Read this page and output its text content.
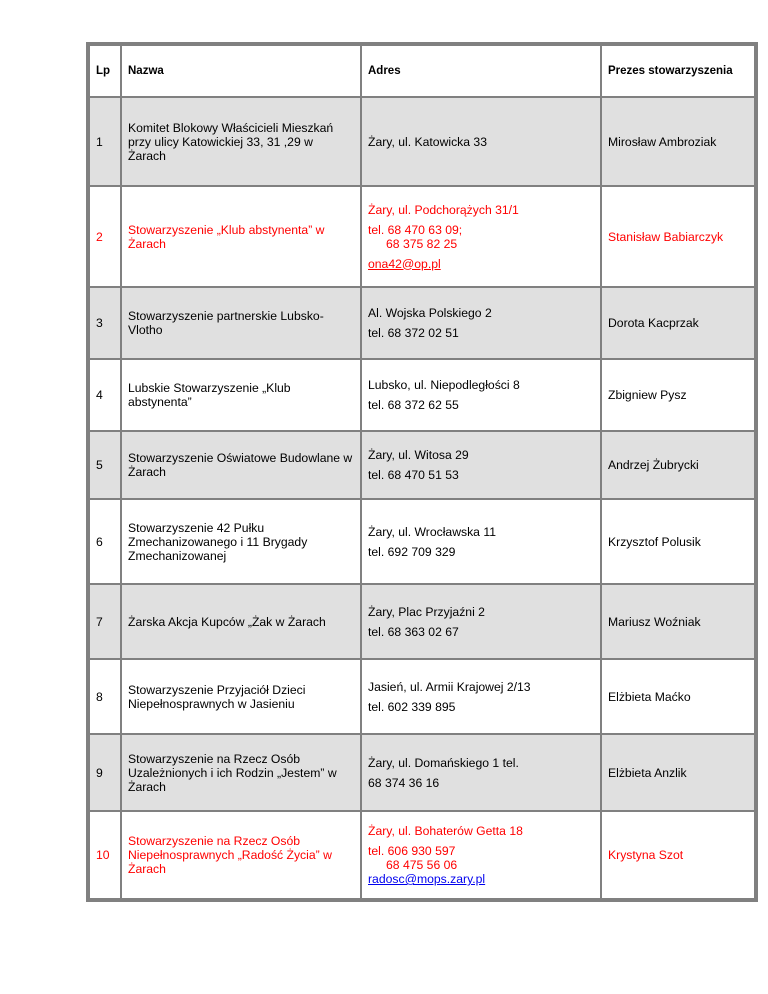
Lp	Nazwa	Adres	Prezes stowarzyszenia
1	Komitet Blokowy Właścicieli Mieszkań przy ulicy Katowickiej 33, 31 ,29 w Żarach	Żary, ul. Katowicka 33	Mirosław Ambroziak
2	Stowarzyszenie „Klub abstynenta” w Żarach	Żary, ul. Podchorążych 31/1
tel. 68 470 63 09;
68 375 82 25
ona42@op.pl	Stanisław Babiarczyk
3	Stowarzyszenie partnerskie Lubsko-Vlotho	Al. Wojska Polskiego 2
tel. 68 372 02 51	Dorota Kacprzak
4	Lubskie Stowarzyszenie „Klub abstynenta”	Lubsko, ul. Niepodległości 8
tel. 68 372 62 55	Zbigniew Pysz
5	Stowarzyszenie Oświatowe Budowlane w Żarach	Żary, ul. Witosa 29
tel. 68 470 51 53	Andrzej Żubrycki
6	Stowarzyszenie 42 Pułku Zmechanizowanego i 11 Brygady Zmechanizowanej	Żary, ul. Wrocławska 11
tel. 692 709 329	Krzysztof Polusik
7	Żarska Akcja Kupców „Żak w Żarach	Żary, Plac Przyjaźni 2
tel. 68 363 02 67	Mariusz Woźniak
8	Stowarzyszenie Przyjaciół Dzieci Niepełnosprawnych w Jasieniu	Jasień, ul. Armii Krajowej 2/13
tel. 602 339 895	Elżbieta Maćko
9	Stowarzyszenie na Rzecz Osób Uzależnionych i ich Rodzin „Jestem” w Żarach	Żary, ul. Domańskiego 1 tel.
68 374 36 16	Elżbieta Anzlik
10	Stowarzyszenie na Rzecz Osób Niepełnosprawnych „Radość Życia” w Żarach	Żary, ul. Bohaterów Getta 18
tel. 606 930 597
68 475 56 06
radosc@mops.zary.pl	Krystyna Szot
